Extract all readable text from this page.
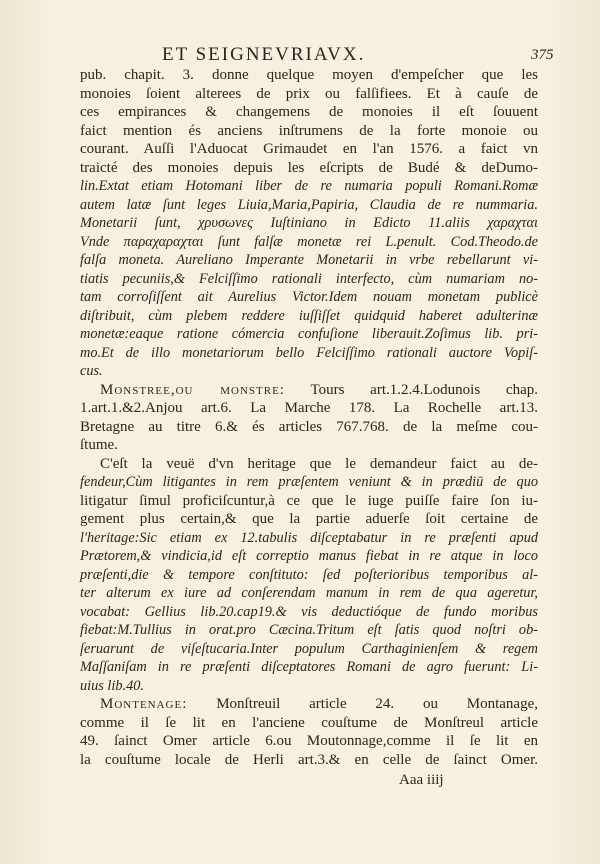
ET SEIGNEVRIAVX.	375
pub. chapit. 3. donne quelque moyen d'empeſcher que les
monoies ſoient alterees de prix ou falſifiees. Et à cauſe de
ces empirances & changemens de monoies il eſt ſouuent
faict mention és anciens inſtrumens de la forte monoie ou
courant. Auſſi l'Aduocat Grimaudet en l'an 1576. a faict vn
traicté des monoies depuis les eſcripts de Budé & deDumo-
lin.Extat etiam Hotomani liber de re numaria populi Romani.Romæ
autem latæ ſunt leges Liuia,Maria,Papiria, Claudia de re nummaria.
Monetarii ſunt, χρυσωνες Iuſtiniano in Edicto 11.aliis χαραχται
Vnde παραχαραχται ſunt falſæ monetæ rei L.penult. Cod.Theodo.de
falſa moneta. Aureliano Imperante Monetarii in vrbe rebellarunt vi-
tiatis pecuniis,& Felciſſimo rationali interfecto, cùm numariam no-
tam corroſiſſent ait Aurelius Victor.Idem nouam monetam publicè
diſtribuit, cùm plebem reddere iuſſiſſet quidquid haberet adulterinæ
monetæ:eaque ratione cómercia confuſione liberauit.Zoſimus lib. pri-
mo.Et de illo monetariorum bello Felciſſimo rationali auctore Vopiſ-
cus.
Monstree,ou monstre: Tours art.1.2.4.Lodunois chap.
1.art.1.&2.Anjou art.6. La Marche 178. La Rochelle art.13.
Bretagne au titre 6.& és articles 767.768. de la meſme cou-
ſtume.
C'eſt la veuë d'vn heritage que le demandeur faict au de-
fendeur,Cùm litigantes in rem præſentem veniunt & in prædiū de quo
litigatur ſimul proficiſcuntur,à ce que le iuge puiſſe faire ſon iu-
gement plus certain,& que la partie aduerſe ſoit certaine de
l'heritage:Sic etiam ex 12.tabulis diſceptabatur in re præſenti apud
Prætorem,& vindicia,id eſt correptio manus fiebat in re atque in loco
præſenti,die & tempore conſtituto: ſed poſterioribus temporibus al-
ter alterum ex iure ad conſerendam manum in rem de qua ageretur,
vocabat: Gellius lib.20.cap19.& vis deductióque de fundo moribus
fiebat:M.Tullius in orat.pro Cæcina.Tritum eſt ſatis quod noſtri ob-
ſeruarunt de viſeſtucaria.Inter populum Carthaginienſem & regem
Maſſaniſam in re præſenti diſceptatores Romani de agro fuerunt: Li-
uius lib.40.
Montenage: Monſtreuil article 24. ou Montanage,
comme il ſe lit en l'anciene couſtume de Monſtreul article
49. ſainct Omer article 6.ou Moutonnage,comme il ſe lit en
la couſtume locale de Herli art.3.& en celle de ſainct Omer.
Aaa iiij
